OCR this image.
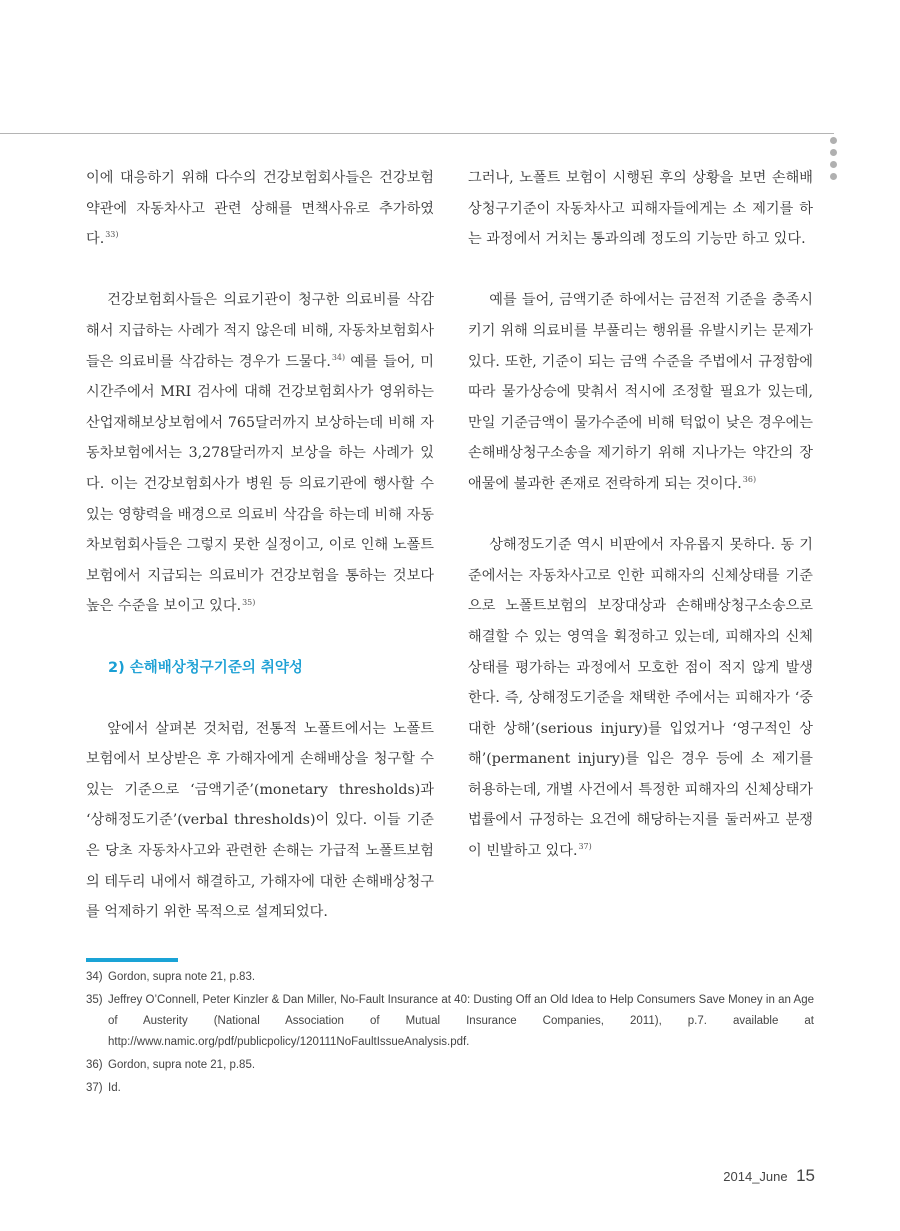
이에 대응하기 위해 다수의 건강보험회사들은 건강보험약관에 자동차사고 관련 상해를 면책사유로 추가하였다.$^{33)}$

건강보험회사들은 의료기관이 청구한 의료비를 삭감해서 지급하는 사례가 적지 않은데 비해, 자동차보험회사들은 의료비를 삭감하는 경우가 드물다.$^{34)}$ 예를 들어, 미시간주에서 MRI 검사에 대해 건강보험회사가 영위하는 산업재해보상보험에서 765달러까지 보상하는데 비해 자동차보험에서는 3,278달러까지 보상을 하는 사례가 있다. 이는 건강보험회사가 병원 등 의료기관에 행사할 수 있는 영향력을 배경으로 의료비 삭감을 하는데 비해 자동차보험회사들은 그렇지 못한 실정이고, 이로 인해 노폴트보험에서 지급되는 의료비가 건강보험을 통하는 것보다 높은 수준을 보이고 있다.$^{35)}$

2) 손해배상청구기준의 취약성

앞에서 살펴본 것처럼, 전통적 노폴트에서는 노폴트보험에서 보상받은 후 가해자에게 손해배상을 청구할 수 있는 기준으로 ‘금액기준’(monetary thresholds)과 ‘상해정도기준’(verbal thresholds)이 있다. 이들 기준은 당초 자동차사고와 관련한 손해는 가급적 노폴트보험의 테두리 내에서 해결하고, 가해자에 대한 손해배상청구를 억제하기 위한 목적으로 설계되었다.

그러나, 노폴트 보험이 시행된 후의 상황을 보면 손해배상청구기준이 자동차사고 피해자들에게는 소 제기를 하는 과정에서 거치는 통과의례 정도의 기능만 하고 있다.

예를 들어, 금액기준 하에서는 금전적 기준을 충족시키기 위해 의료비를 부풀리는 행위를 유발시키는 문제가 있다. 또한, 기준이 되는 금액 수준을 주법에서 규정함에 따라 물가상승에 맞춰서 적시에 조정할 필요가 있는데, 만일 기준금액이 물가수준에 비해 턱없이 낮은 경우에는 손해배상청구소송을 제기하기 위해 지나가는 약간의 장애물에 불과한 존재로 전락하게 되는 것이다.$^{36)}$

상해정도기준 역시 비판에서 자유롭지 못하다. 동 기준에서는 자동차사고로 인한 피해자의 신체상태를 기준으로 노폴트보험의 보장대상과 손해배상청구소송으로 해결할 수 있는 영역을 획정하고 있는데, 피해자의 신체상태를 평가하는 과정에서 모호한 점이 적지 않게 발생한다. 즉, 상해정도기준을 채택한 주에서는 피해자가 ‘중대한 상해’(serious injury)를 입었거나 ‘영구적인 상해’(permanent injury)를 입은 경우 등에 소 제기를 허용하는데, 개별 사건에서 특정한 피해자의 신체상태가 법률에서 규정하는 요건에 해당하는지를 둘러싸고 분쟁이 빈발하고 있다.$^{37)}$

34) Gordon, supra note 21, p.83.
35) Jeffrey O’Connell, Peter Kinzler & Dan Miller, No-Fault Insurance at 40: Dusting Off an Old Idea to Help Consumers Save Money in an Age of Austerity (National Association of Mutual Insurance Companies, 2011), p.7. available at http://www.namic.org/pdf/publicpolicy/120111NoFaultIssueAnalysis.pdf.
36) Gordon, supra note 21, p.85.
37) Id.
2014_June 15
